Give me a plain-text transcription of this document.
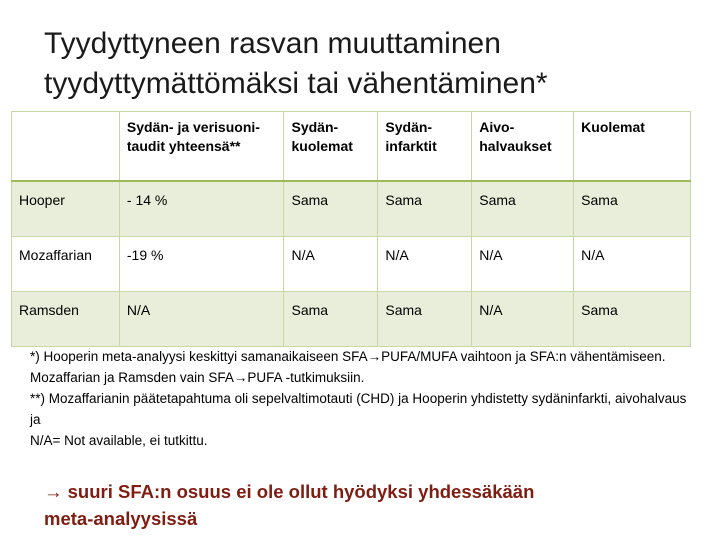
Tyydyttyneen rasvan muuttaminen
tyydyttymättömäksi tai vähentäminen*
	Sydän- ja verisuoni-taudit yhteensä**	Sydän-kuolemat	Sydän-infarktit	Aivo-halvaukset	Kuolemat
Hooper	- 14 %	Sama	Sama	Sama	Sama
Mozaffarian	-19 %	N/A	N/A	N/A	N/A
Ramsden	N/A	Sama	Sama	N/A	Sama
*) Hooperin meta-analyysi keskittyi samanaikaiseen SFA→PUFA/MUFA vaihtoon ja SFA:n vähentämiseen. Mozaffarian ja Ramsden vain SFA→PUFA -tutkimuksiin.
**) Mozaffarianin päätetapahtuma oli sepelvaltimotauti (CHD) ja Hooperin yhdistetty sydäninfarkti, aivohalvaus ja
N/A= Not available, ei tutkittu.
→ suuri SFA:n osuus ei ole ollut hyödyksi yhdessäkään
meta-analyysissä
